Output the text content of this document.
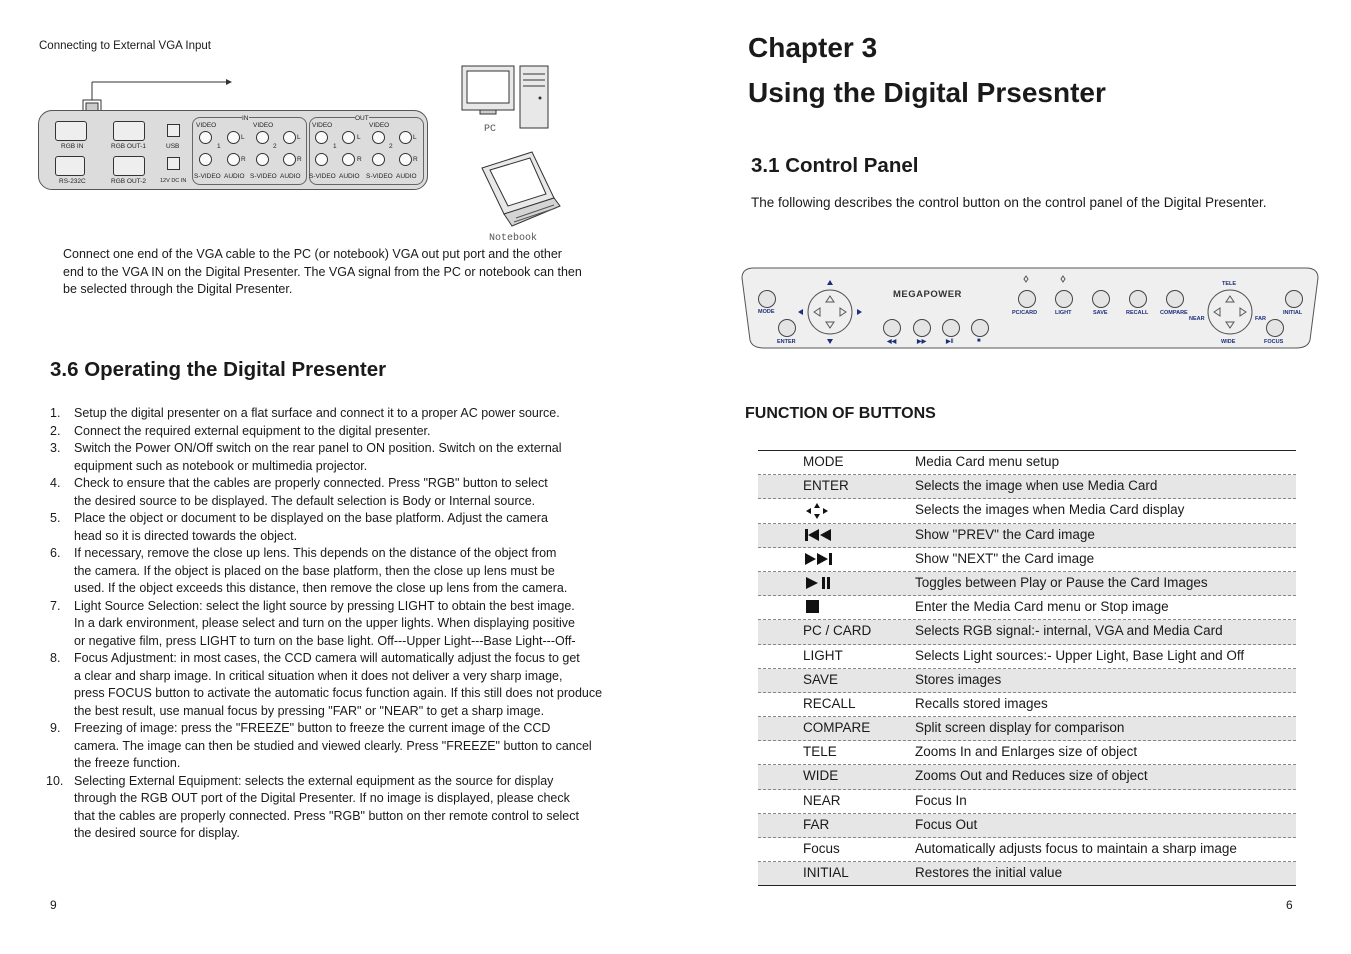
Connecting to External VGA Input
RGB IN	RGB OUT-1
RS-232C	RGB OUT-2
USB
12V DC IN
IN	OUT
VIDEO	VIDEO	VIDEO	VIDEO
L	L	L	L
1	2	1	2
R	R	R	R
S-VIDEO AUDIO S-VIDEO AUDIO S-VIDEO AUDIO S-VIDEO AUDIO
PC
Notebook
Connect one end of the VGA cable to the PC (or notebook) VGA out put port and the other end to the VGA IN on the Digital Presenter. The VGA signal from the PC or notebook can then be selected through the Digital Presenter.
3.6 Operating the Digital Presenter
1.	Setup the digital presenter on a flat surface and connect it to a proper AC power source.
2.	Connect the required external equipment to the digital presenter.
3.	Switch the Power ON/Off switch on the rear panel to ON position. Switch on the external
equipment such as notebook or multimedia projector.
4.	Check to ensure that the cables are properly connected. Press "RGB" button to select
the desired source to be displayed. The default selection is Body or Internal source.
5.	Place the object or document to be displayed on the base platform. Adjust the camera
head so it is directed towards the object.
6.	If necessary, remove the close up lens. This depends on the distance of the object from
the camera. If the object is placed on the base platform, then the close up lens must be
used. If the object exceeds this distance, then remove the close up lens from the camera.
7.	Light Source Selection: select the light source by pressing LIGHT to obtain the best image.
In a dark environment, please select and turn on the upper lights. When displaying positive
or negative film, press LIGHT to turn on the base light. Off---Upper Light---Base Light---Off-
8.	Focus Adjustment: in most cases, the CCD camera will automatically adjust the focus to get
a clear and sharp image. In critical situation when it does not deliver a very sharp image,
press FOCUS button to activate the automatic focus function again. If this still does not produce
the best result, use manual focus by pressing "FAR" or "NEAR" to get a sharp image.
9.	Freezing of image: press the "FREEZE" button to freeze the current image of the CCD
camera. The image can then be studied and viewed clearly. Press "FREEZE" button to cancel
the freeze function.
10. Selecting External Equipment: selects the external equipment as the source for display
through the RGB OUT port of the Digital Presenter. If no image is displayed, please check
that the cables are properly connected. Press "RGB" button on ther remote control to select
the desired source for display.
9
Chapter 3
Using the Digital Prsesnter
3.1 Control Panel
The following describes the control button on the control panel of the Digital Presenter.
MODE
ENTER
MEGAPOWER
◀◀	▶▶	▶‖	■
PC/CARD	LIGHT	SAVE	RECALL COMPARE
TELE
NEAR	FAR
WIDE
INITIAL
FOCUS
FUNCTION OF BUTTONS
MODE	Media Card menu setup
ENTER	Selects the image when use Media Card
Selects the images when Media Card display
Show "PREV" the Card image
Show "NEXT" the Card image
Toggles between Play or Pause the Card Images
Enter the Media Card menu or Stop image
PC / CARD	Selects RGB signal:- internal, VGA and Media Card
LIGHT	Selects Light sources:- Upper Light, Base Light and Off
SAVE	Stores images
RECALL	Recalls stored images
COMPARE	Split screen display for comparison
TELE	Zooms In and Enlarges size of object
WIDE	Zooms Out and Reduces size of object
NEAR	Focus In
FAR	Focus Out
Focus	Automatically adjusts focus to maintain a sharp image
INITIAL	Restores the initial value
6
